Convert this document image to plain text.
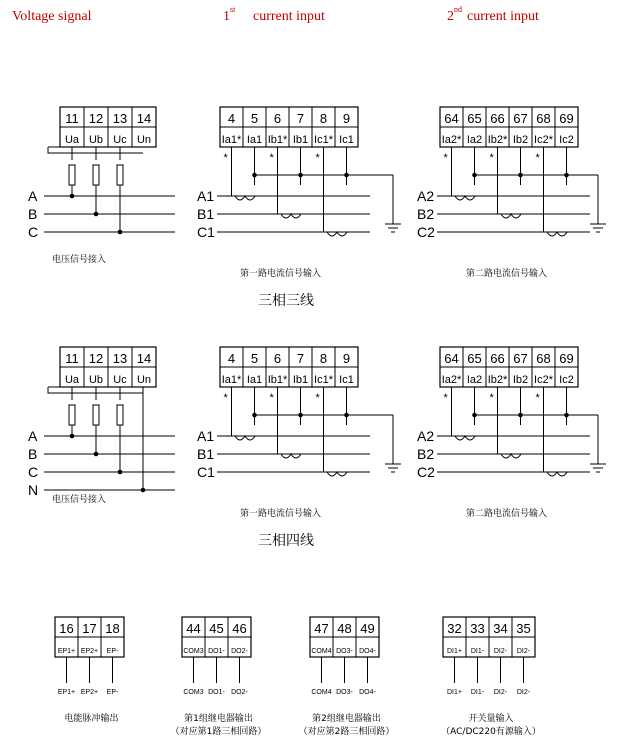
Voltage signal	1 st current input	2 nd current input
11 12 13 14
Ua Ub Uc Un
A
B
C
电压信号接入
4 5 6 7 8 9
Ia1* Ia1 Ib1* Ib1 Ic1* Ic1
A1
B1
C1
*	*	*
第一路电流信号输入
64 65 66 67 68 69
Ia2* Ia2 Ib2* Ib2 Ic2* Ic2
A2
B2
C2
*	*	*
第二路电流信号输入
三相三线
11 12 13 14
Ua Ub Uc Un
A
B
C
N
电压信号接入
4 5 6 7 8 9
Ia1* Ia1 Ib1* Ib1 Ic1* Ic1
A1
B1
C1
*	*	*
第一路电流信号输入
64 65 66 67 68 69
Ia2* Ia2 Ib2* Ib2 Ic2* Ic2
A2
B2
C2
*	*	*
第二路电流信号输入
三相四线
16 17 18
EP1+ EP2+ EP-
EP1+ EP2+ EP-
电能脉冲输出
44 45 46
COM3 DO1- DO2-
COM3 DO1- DO2-
第1组继电器输出
（对应第1路三相回路）
47 48 49
COM4 DO3- DO4-
COM4 DO3- DO4-
第2组继电器输出
（对应第2路三相回路）
32 33 34 35
DI1+ DI1- DI2- DI2-
DI1+ DI1- DI2- DI2-
开关量输入
（AC/DC220有源输入）
